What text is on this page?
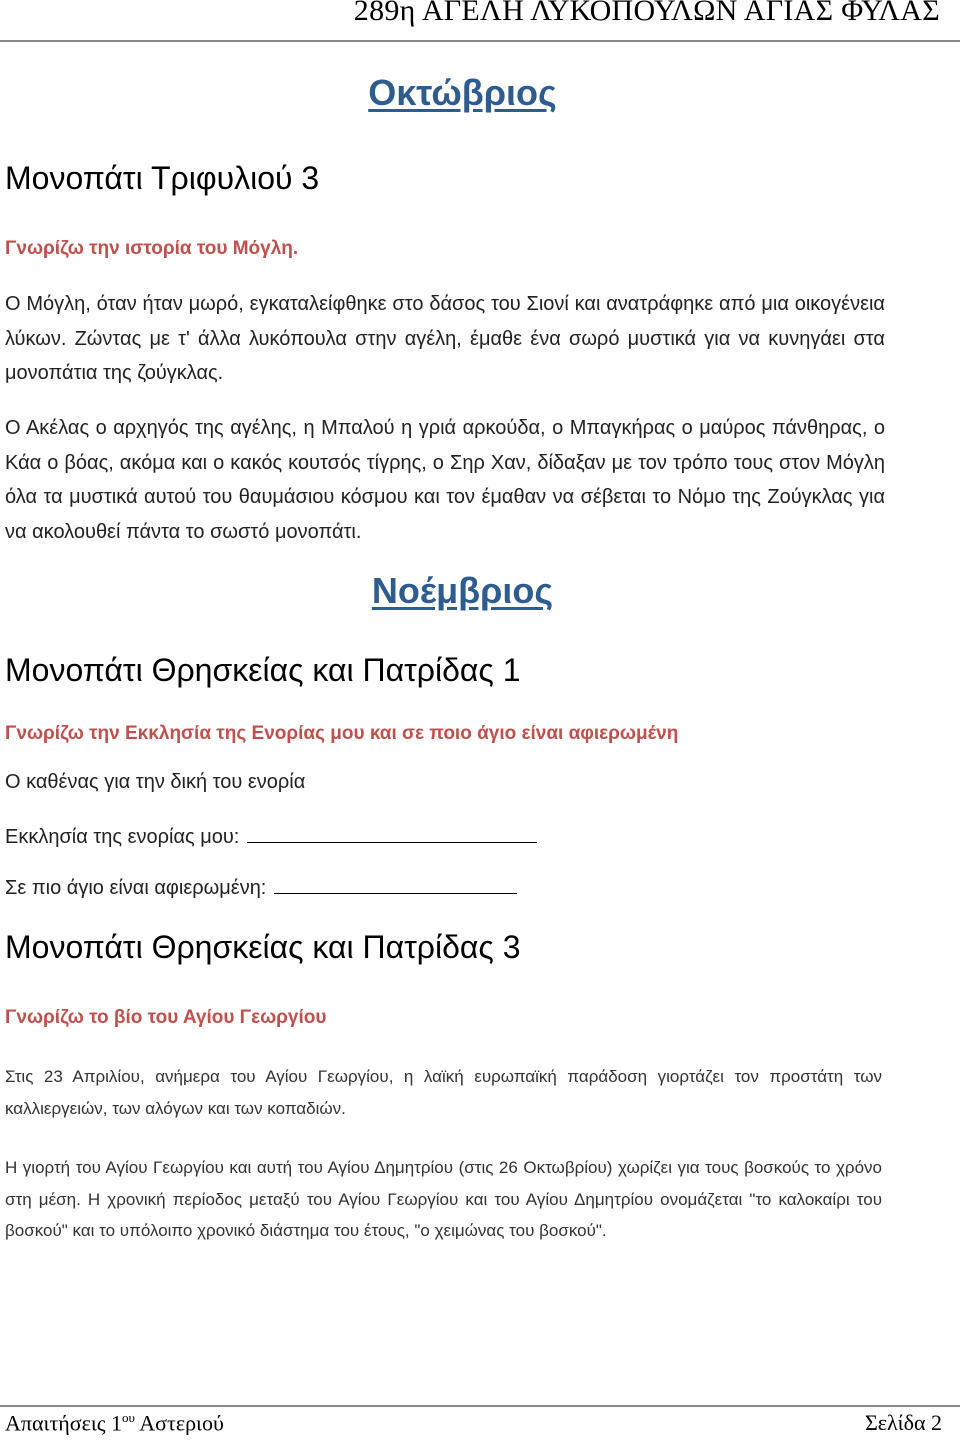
289η ΑΓΕΛΗ ΛΥΚΟΠΟΥΛΩΝ ΑΓΙΑΣ ΦΥΛΑΣ
Οκτώβριος
Μονοπάτι Τριφυλιού 3
Γνωρίζω την ιστορία του Μόγλη.
Ο Μόγλη, όταν ήταν μωρό, εγκαταλείφθηκε στο δάσος του Σιονί και ανατράφηκε από μια οικογένεια λύκων. Ζώντας με τ' άλλα λυκόπουλα στην αγέλη, έμαθε ένα σωρό μυστικά για να κυνηγάει στα μονοπάτια της ζούγκλας.
Ο Ακέλας ο αρχηγός της αγέλης, η Μπαλού η γριά αρκούδα, ο Μπαγκήρας ο μαύρος πάνθηρας, ο Κάα ο βόας, ακόμα και ο κακός κουτσός τίγρης, ο Σηρ Χαν, δίδαξαν με τον τρόπο τους στον Μόγλη όλα τα μυστικά αυτού του θαυμάσιου κόσμου και τον έμαθαν να σέβεται το Νόμο της Ζούγκλας για να ακολουθεί πάντα το σωστό μονοπάτι.
Νοέμβριος
Μονοπάτι Θρησκείας και Πατρίδας 1
Γνωρίζω την Εκκλησία της Ενορίας μου και σε ποιο άγιο είναι αφιερωμένη
Ο καθένας για την δική του ενορία
Εκκλησία της ενορίας μου:
Σε πιο άγιο είναι αφιερωμένη:
Μονοπάτι Θρησκείας και Πατρίδας 3
Γνωρίζω το βίο του Αγίου Γεωργίου
Στις 23 Απριλίου, ανήμερα του Αγίου Γεωργίου, η λαϊκή ευρωπαϊκή παράδοση γιορτάζει τον προστάτη των καλλιεργειών, των αλόγων και των κοπαδιών.
Η γιορτή του Αγίου Γεωργίου και αυτή του Αγίου Δημητρίου (στις 26 Οκτωβρίου) χωρίζει για τους βοσκούς το χρόνο στη μέση. Η χρονική περίοδος μεταξύ του Αγίου Γεωργίου και του Αγίου Δημητρίου ονομάζεται "το καλοκαίρι του βοσκού" και το υπόλοιπο χρονικό διάστημα του έτους, "ο χειμώνας του βοσκού".
Απαιτήσεις $1^{o\upsilon}$ Αστεριού	Σελίδα 2
